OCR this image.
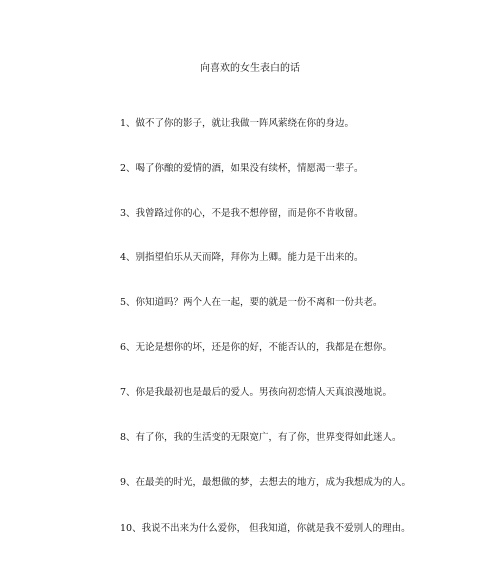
向喜欢的女生表白的话
1、做不了你的影子，就让我做一阵风萦绕在你的身边。
2、喝了你酿的爱情的酒，如果没有续杯，情愿渴一辈子。
3、我曾路过你的心，不是我不想停留，而是你不肯收留。
4、别指望伯乐从天而降，拜你为上卿。能力是干出来的。
5、你知道吗？两个人在一起，要的就是一份不离和一份共老。
6、无论是想你的坏，还是你的好，不能否认的，我都是在想你。
7、你是我最初也是最后的爱人。男孩向初恋情人天真浪漫地说。
8、有了你，我的生活变的无限宽广，有了你，世界变得如此迷人。
9、在最美的时光，最想做的梦，去想去的地方，成为我想成为的人。
10、我说不出来为什么爱你， 但我知道，你就是我不爱别人的理由。
